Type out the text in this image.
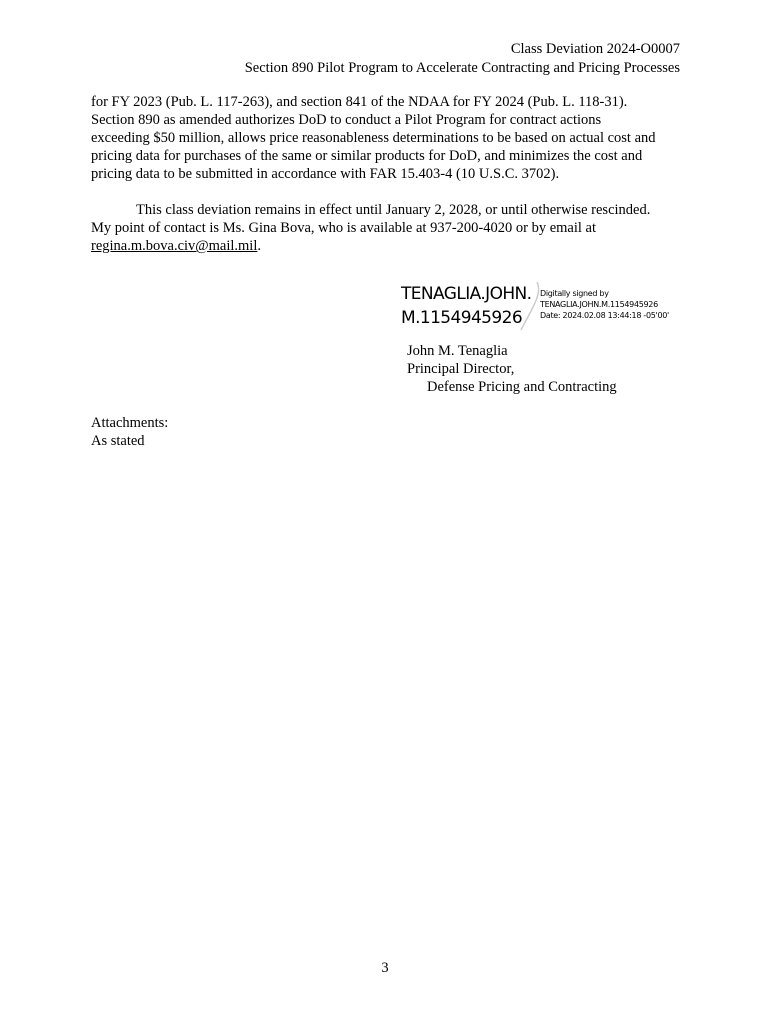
Class Deviation 2024-O0007
Section 890 Pilot Program to Accelerate Contracting and Pricing Processes
for FY 2023 (Pub. L. 117-263), and section 841 of the NDAA for FY 2024 (Pub. L. 118-31).
Section 890 as amended authorizes DoD to conduct a Pilot Program for contract actions
exceeding $50 million, allows price reasonableness determinations to be based on actual cost and
pricing data for purchases of the same or similar products for DoD, and minimizes the cost and
pricing data to be submitted in accordance with FAR 15.403-4 (10 U.S.C. 3702).
This class deviation remains in effect until January 2, 2028, or until otherwise rescinded.
My point of contact is Ms. Gina Bova, who is available at 937-200-4020 or by email at
regina.m.bova.civ@mail.mil.
TENAGLIA.JOHN.
M.1154945926
Digitally signed by
TENAGLIA.JOHN.M.1154945926
Date: 2024.02.08 13:44:18 -05'00'
John M. Tenaglia
Principal Director,
Defense Pricing and Contracting
Attachments:
As stated
3
